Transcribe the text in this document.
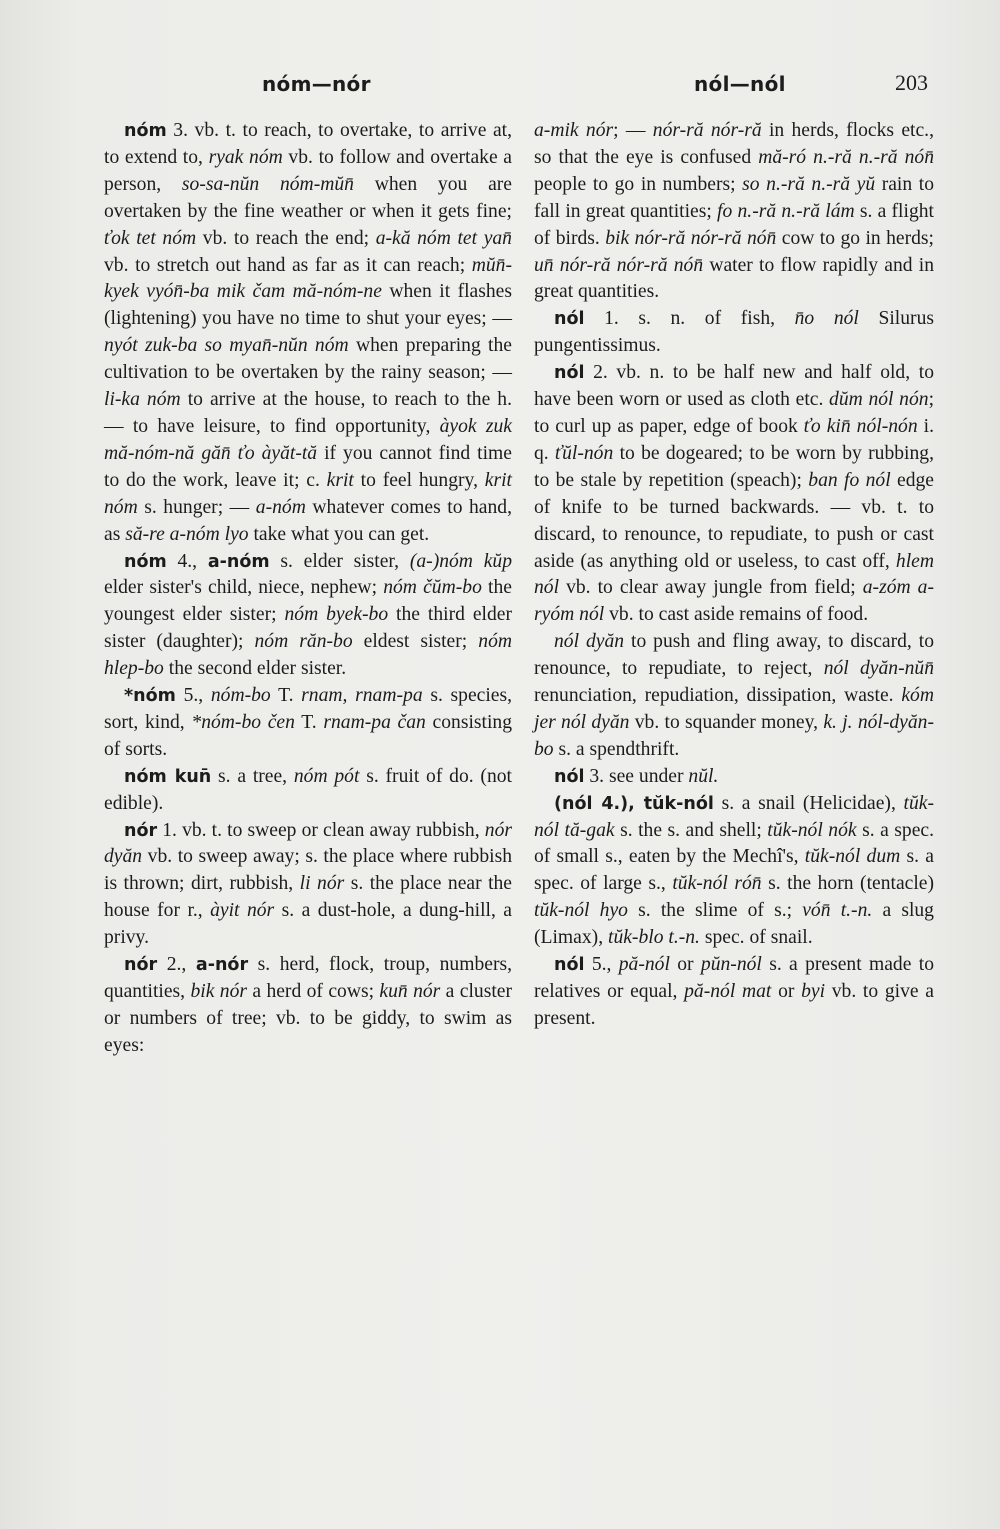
nóm—nór	nól—nól	203

nóm 3. vb. t. to reach, to overtake, to arrive at, to extend to, ryak nóm vb. to follow and overtake a person, so-sa-nŭn nóm-mŭn̄ when you are overtaken by the fine weather or when it gets fine; ťok tet nóm vb. to reach the end; a-kă nóm tet yan̄ vb. to stretch out hand as far as it can reach; mŭn̄-kyek vyón̄-ba mik čam mă-nóm-ne when it flashes (lightening) you have no time to shut your eyes; — nyót zuk-ba so myan̄-nŭn nóm when preparing the cultivation to be overtaken by the rainy season; — li-ka nóm to arrive at the house, to reach to the h. — to have leisure, to find opportunity, àyok zuk mă-nóm-nă găn̄ ťo àyăt-tă if you cannot find time to do the work, leave it; c. krit to feel hungry, krit nóm s. hunger; — a-nóm whatever comes to hand, as să-re a-nóm lyo take what you can get.

nóm 4., a-nóm s. elder sister, (a-)nóm kŭp elder sister's child, niece, nephew; nóm čŭm-bo the youngest elder sister; nóm byek-bo the third elder sister (daughter); nóm răn-bo eldest sister; nóm hlep-bo the second elder sister.

*nóm 5., nóm-bo T. rnam, rnam-pa s. species, sort, kind, *nóm-bo čen T. rnam-pa čan consisting of sorts.

nóm kun̄ s. a tree, nóm pót s. fruit of do. (not edible).

nór 1. vb. t. to sweep or clean away rubbish, nór dyăn vb. to sweep away; s. the place where rubbish is thrown; dirt, rubbish, li nór s. the place near the house for r., àyit nór s. a dust-hole, a dung-hill, a privy.

nór 2., a-nór s. herd, flock, troup, numbers, quantities, bik nór a herd of cows; kun̄ nór a cluster or numbers of tree; vb. to be giddy, to swim as eyes:

a-mik nór; — nór-ră nór-ră in herds, flocks etc., so that the eye is confused mă-ró n.-ră n.-ră nón̄ people to go in numbers; so n.-ră n.-ră yŭ rain to fall in great quantities; fo n.-ră n.-ră lám s. a flight of birds. bik nór-ră nór-ră nón̄ cow to go in herds; un̄ nór-ră nór-ră nón̄ water to flow rapidly and in great quantities.

nól 1. s. n. of fish, n̄o nól Silurus pungentissimus.

nól 2. vb. n. to be half new and half old, to have been worn or used as cloth etc. dŭm nól nón; to curl up as paper, edge of book ťo kin̄ nól-nón i. q. ťŭl-nón to be dogeared; to be worn by rubbing, to be stale by repetition (speach); ban fo nól edge of knife to be turned backwards. — vb. t. to discard, to renounce, to repudiate, to push or cast aside (as anything old or useless, to cast off, hlem nól vb. to clear away jungle from field; a-zóm a-ryóm nól vb. to cast aside remains of food.

nól dyăn to push and fling away, to discard, to renounce, to repudiate, to reject, nól dyăn-nŭn̄ renunciation, repudiation, dissipation, waste. kóm jer nól dyăn vb. to squander money, k. j. nól-dyăn-bo s. a spendthrift.

nól 3. see under nŭl.

(nól 4.), tŭk-nól s. a snail (Helicidae), tŭk-nól tă-gak s. the s. and shell; tŭk-nól nók s. a spec. of small s., eaten by the Mechî's, tŭk-nól dum s. a spec. of large s., tŭk-nól rón̄ s. the horn (tentacle) tŭk-nól hyo s. the slime of s.; vón̄ t.-n. a slug (Limax), tŭk-blo t.-n. spec. of snail.

nól 5., pă-nól or pŭn-nól s. a present made to relatives or equal, pă-nól mat or byi vb. to give a present.
